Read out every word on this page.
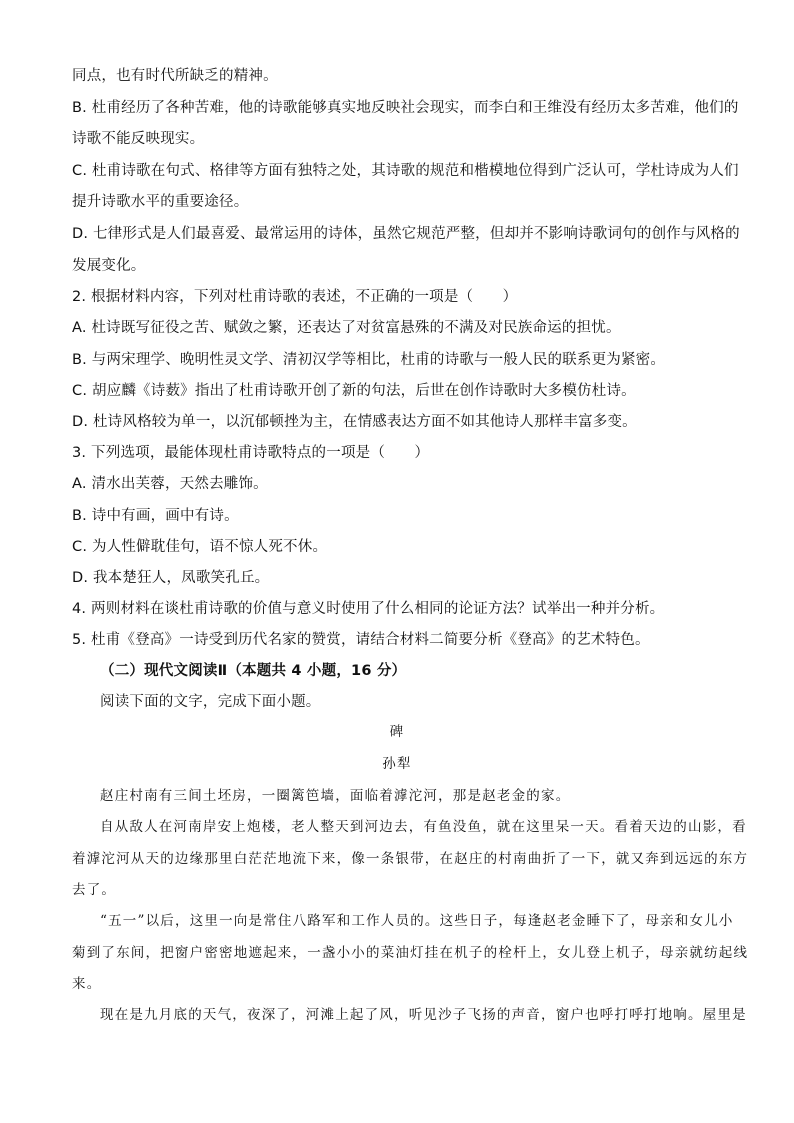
同点，也有时代所缺乏的精神。
B. 杜甫经历了各种苦难，他的诗歌能够真实地反映社会现实，而李白和王维没有经历太多苦难，他们的
诗歌不能反映现实。
C. 杜甫诗歌在句式、格律等方面有独特之处，其诗歌的规范和楷模地位得到广泛认可，学杜诗成为人们
提升诗歌水平的重要途径。
D. 七律形式是人们最喜爱、最常运用的诗体，虽然它规范严整，但却并不影响诗歌词句的创作与风格的
发展变化。
2. 根据材料内容，下列对杜甫诗歌的表述，不正确的一项是（　　）
A. 杜诗既写征役之苦、赋敛之繁，还表达了对贫富悬殊的不满及对民族命运的担忧。
B. 与两宋理学、晚明性灵文学、清初汉学等相比，杜甫的诗歌与一般人民的联系更为紧密。
C. 胡应麟《诗薮》指出了杜甫诗歌开创了新的句法，后世在创作诗歌时大多模仿杜诗。
D. 杜诗风格较为单一，以沉郁顿挫为主，在情感表达方面不如其他诗人那样丰富多变。
3. 下列选项，最能体现杜甫诗歌特点的一项是（　　）
A. 清水出芙蓉，天然去雕饰。
B. 诗中有画，画中有诗。
C. 为人性僻耽佳句，语不惊人死不休。
D. 我本楚狂人，凤歌笑孔丘。
4. 两则材料在谈杜甫诗歌的价值与意义时使用了什么相同的论证方法？试举出一种并分析。
5. 杜甫《登高》一诗受到历代名家的赞赏，请结合材料二简要分析《登高》的艺术特色。
（二）现代文阅读Ⅱ（本题共 4 小题，16 分）
阅读下面的文字，完成下面小题。
碑
孙犁
赵庄村南有三间土坯房，一圈篱笆墙，面临着滹沱河，那是赵老金的家。
自从敌人在河南岸安上炮楼，老人整天到河边去，有鱼没鱼，就在这里呆一天。看着天边的山影，看
着滹沱河从天的边缘那里白茫茫地流下来，像一条银带，在赵庄的村南曲折了一下，就又奔到远远的东方
去了。
“五一”以后，这里一向是常住八路军和工作人员的。这些日子，每逢赵老金睡下了，母亲和女儿小
菊到了东间，把窗户密密地遮起来，一盏小小的菜油灯挂在机子的栓杆上，女儿登上机子，母亲就纺起线
来。
现在是九月底的天气，夜深了，河滩上起了风，听见沙子飞扬的声音，窗户也呼打呼打地响。屋里是
